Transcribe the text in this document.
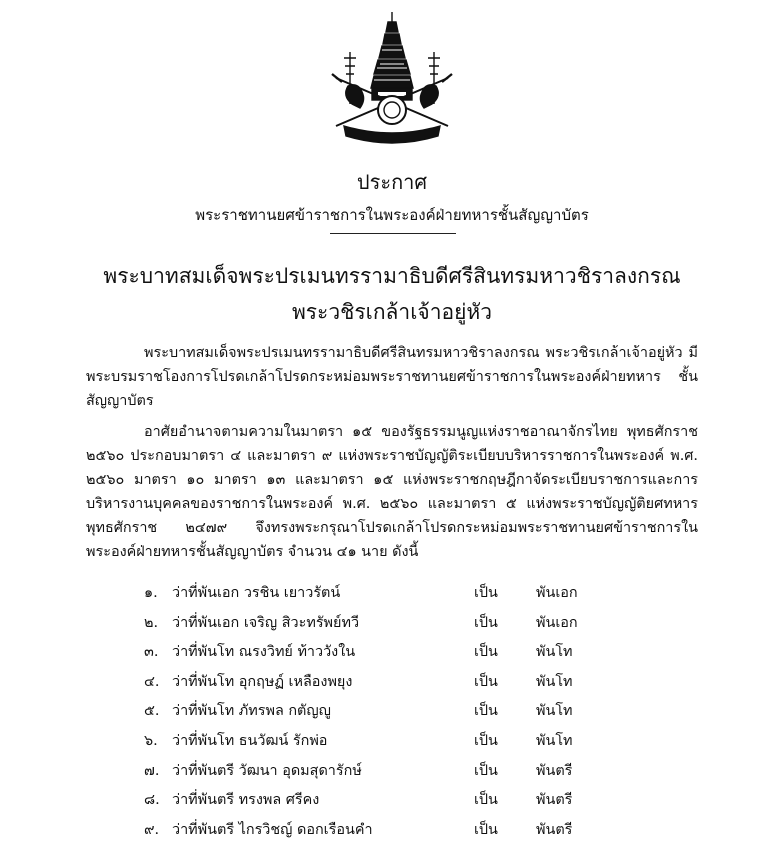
ประกาศ
พระราชทานยศข้าราชการในพระองค์ฝ่ายทหารชั้นสัญญาบัตร
พระบาทสมเด็จพระปรเมนทรรามาธิบดีศรีสินทรมหาวชิราลงกรณ
พระวชิรเกล้าเจ้าอยู่หัว
พระบาทสมเด็จพระปรเมนทรรามาธิบดีศรีสินทรมหาวชิราลงกรณ พระวชิรเกล้าเจ้าอยู่หัว มีพระบรมราชโองการโปรดเกล้าโปรดกระหม่อมพระราชทานยศข้าราชการในพระองค์ฝ่ายทหาร ชั้นสัญญาบัตร
อาศัยอำนาจตามความในมาตรา ๑๕ ของรัฐธรรมนูญแห่งราชอาณาจักรไทย พุทธศักราช ๒๕๖๐ ประกอบมาตรา ๔ และมาตรา ๙ แห่งพระราชบัญญัติระเบียบบริหารราชการในพระองค์ พ.ศ. ๒๕๖๐ มาตรา ๑๐ มาตรา ๑๓ และมาตรา ๑๕ แห่งพระราชกฤษฎีกาจัดระเบียบราชการและการบริหารงานบุคคลของราชการในพระองค์ พ.ศ. ๒๕๖๐ และมาตรา ๕ แห่งพระราชบัญญัติยศทหาร พุทธศักราช ๒๔๗๙ จึงทรงพระกรุณาโปรดเกล้าโปรดกระหม่อมพระราชทานยศข้าราชการในพระองค์ฝ่ายทหารชั้นสัญญาบัตร จำนวน ๔๑ นาย ดังนี้
๑. ว่าที่พันเอก วรชิน เยาวรัตน์	เป็น	พันเอก
๒. ว่าที่พันเอก เจริญ สิวะทรัพย์ทวี	เป็น	พันเอก
๓. ว่าที่พันโท ณรงวิทย์ ท้าววังใน	เป็น	พันโท
๔. ว่าที่พันโท อุกฤษฏ์ เหลืองพยุง	เป็น	พันโท
๕. ว่าที่พันโท ภัทรพล กตัญญู	เป็น	พันโท
๖. ว่าที่พันโท ธนวัฒน์ รักพ่อ	เป็น	พันโท
๗. ว่าที่พันตรี วัฒนา อุดมสุดารักษ์	เป็น	พันตรี
๘. ว่าที่พันตรี ทรงพล ศรีคง	เป็น	พันตรี
๙. ว่าที่พันตรี ไกรวิชญ์ ดอกเรือนคำ	เป็น	พันตรี
